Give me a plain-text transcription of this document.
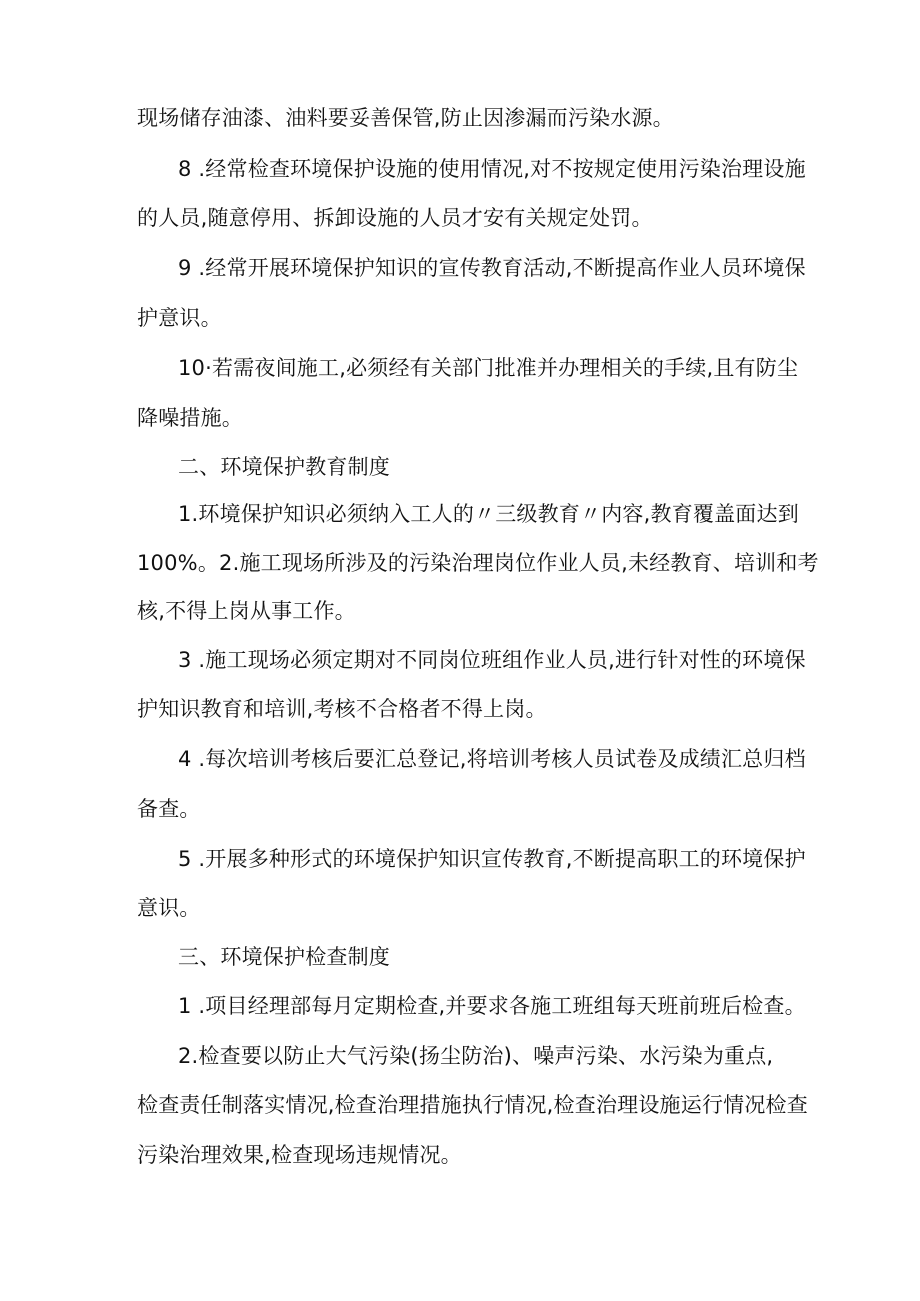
现场储存油漆、油料要妥善保管,防止因渗漏而污染水源。
8 .经常检查环境保护设施的使用情况,对不按规定使用污染治理设施
的人员,随意停用、拆卸设施的人员才安有关规定处罚。
9 .经常开展环境保护知识的宣传教育活动,不断提高作业人员环境保
护意识。
10·若需夜间施工,必须经有关部门批准并办理相关的手续,且有防尘
降噪措施。
二、环境保护教育制度
1.环境保护知识必须纳入工人的〃三级教育〃内容,教育覆盖面达到
100%。2.施工现场所涉及的污染治理岗位作业人员,未经教育、培训和考
核,不得上岗从事工作。
3 .施工现场必须定期对不同岗位班组作业人员,进行针对性的环境保
护知识教育和培训,考核不合格者不得上岗。
4 .每次培训考核后要汇总登记,将培训考核人员试卷及成绩汇总归档
备查。
5 .开展多种形式的环境保护知识宣传教育,不断提高职工的环境保护
意识。
三、环境保护检查制度
1 .项目经理部每月定期检查,并要求各施工班组每天班前班后检查。
2.检查要以防止大气污染(扬尘防治)、噪声污染、水污染为重点,
检查责任制落实情况,检查治理措施执行情况,检查治理设施运行情况检查
污染治理效果,检查现场违规情况。
